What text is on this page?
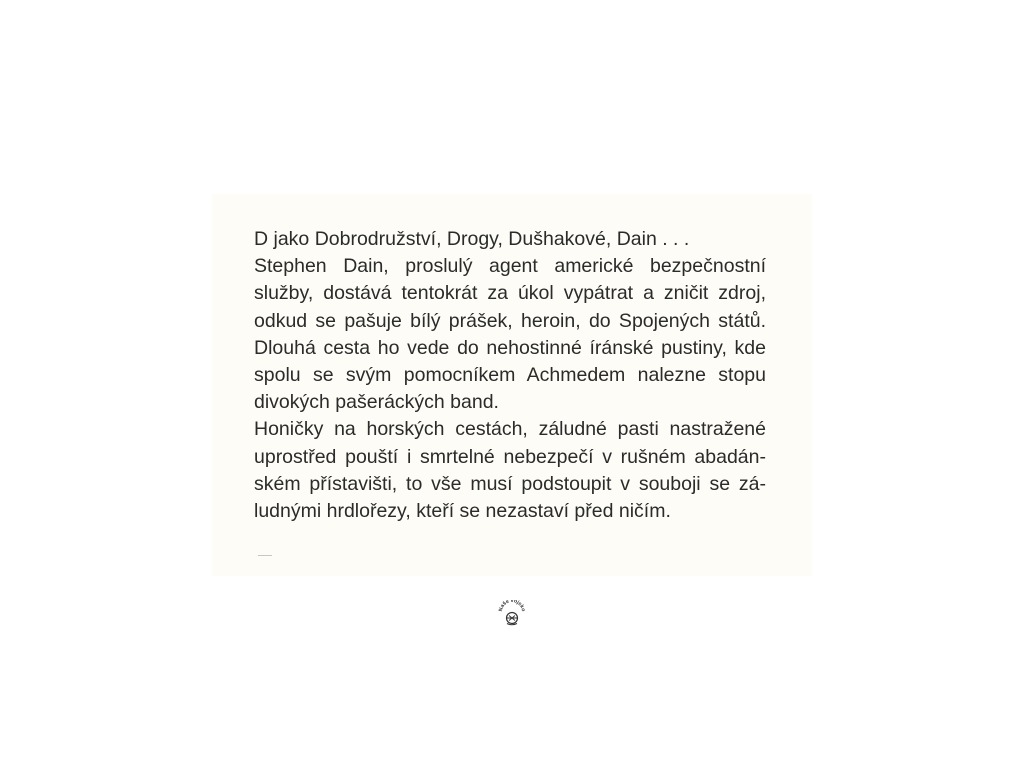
D jako Dobrodružství, Drogy, Dušhakové, Dain . . .
Stephen Dain, proslulý agent americké bezpečnostní
služby, dostává tentokrát za úkol vypátrat a zničit zdroj,
odkud se pašuje bílý prášek, heroin, do Spojených států.
Dlouhá cesta ho vede do nehostinné íránské pustiny, kde
spolu se svým pomocníkem Achmedem nalezne stopu
divokých pašeráckých band.
Honičky na horských cestách, záludné pasti nastražené
uprostřed pouští i smrtelné nebezpečí v rušném abadán-
ském přístavišti, to vše musí podstoupit v souboji se zá-
ludnými hrdlořezy, kteří se nezastaví před ničím.
Naše vojsko
